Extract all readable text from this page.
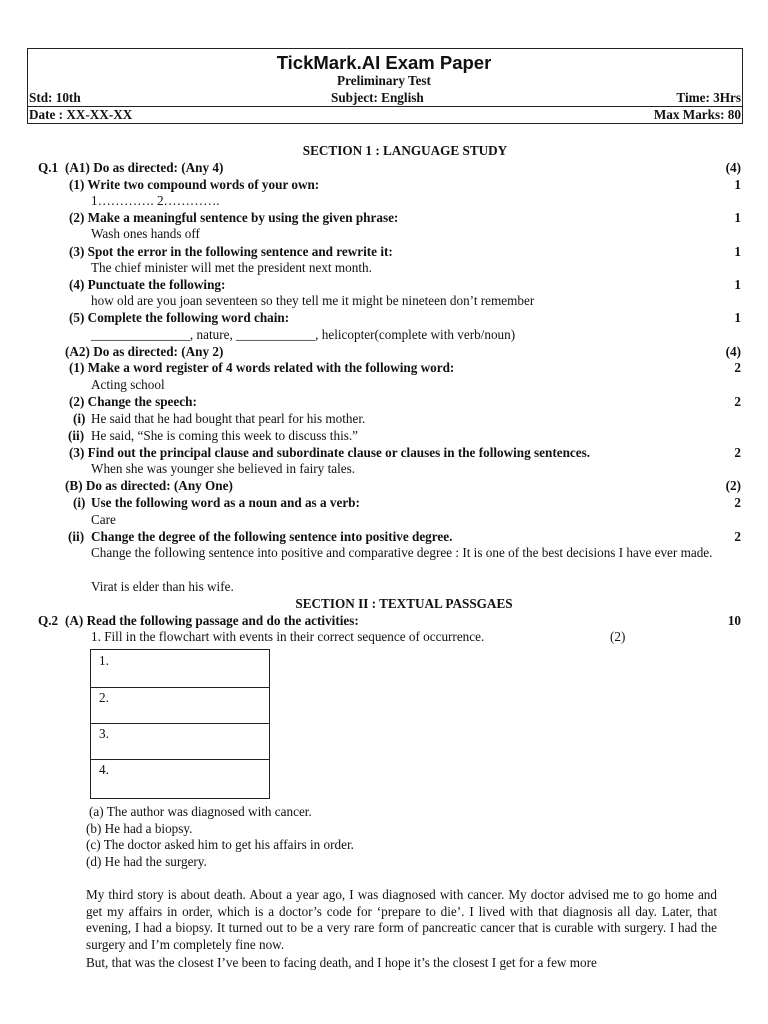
TickMark.AI Exam Paper
Preliminary Test
Std: 10th	Subject: English	Time: 3Hrs
Date : XX-XX-XX	Max Marks: 80
SECTION 1 : LANGUAGE STUDY
Q.1 (A1) Do as directed: (Any 4)	(4)
(1) Write two compound words of your own:	1
1…………. 2………….
(2) Make a meaningful sentence by using the given phrase:	1
Wash ones hands off
(3) Spot the error in the following sentence and rewrite it:	1
The chief minister will met the president next month.
(4) Punctuate the following:	1
how old are you joan seventeen so they tell me it might be nineteen don’t remember
(5) Complete the following word chain:	1
_______________, nature, ____________, helicopter(complete with verb/noun)
(A2) Do as directed: (Any 2)	(4)
(1) Make a word register of 4 words related with the following word:	2
Acting school
(2) Change the speech:	2
(i) He said that he had bought that pearl for his mother.
(ii) He said, “She is coming this week to discuss this.”
(3) Find out the principal clause and subordinate clause or clauses in the following sentences.	2
When she was younger she believed in fairy tales.
(B) Do as directed: (Any One)	(2)
(i) Use the following word as a noun and as a verb:	2
Care
(ii) Change the degree of the following sentence into positive degree.	2
Change the following sentence into positive and comparative degree : It is one of the best decisions I have ever made.
Virat is elder than his wife.
SECTION II : TEXTUAL PASSGAES
Q.2 (A) Read the following passage and do the activities:	10
1. Fill in the flowchart with events in their correct sequence of occurrence.	(2)
1.
2.
3.
4.
(a) The author was diagnosed with cancer.
(b) He had a biopsy.
(c) The doctor asked him to get his affairs in order.
(d) He had the surgery.
My third story is about death. About a year ago, I was diagnosed with cancer. My doctor advised me to go home and get my affairs in order, which is a doctor’s code for ‘prepare to die’. I lived with that diagnosis all day. Later, that evening, I had a biopsy. It turned out to be a very rare form of pancreatic cancer that is curable with surgery. I had the surgery and I’m completely fine now.
But, that was the closest I’ve been to facing death, and I hope it’s the closest I get for a few more
